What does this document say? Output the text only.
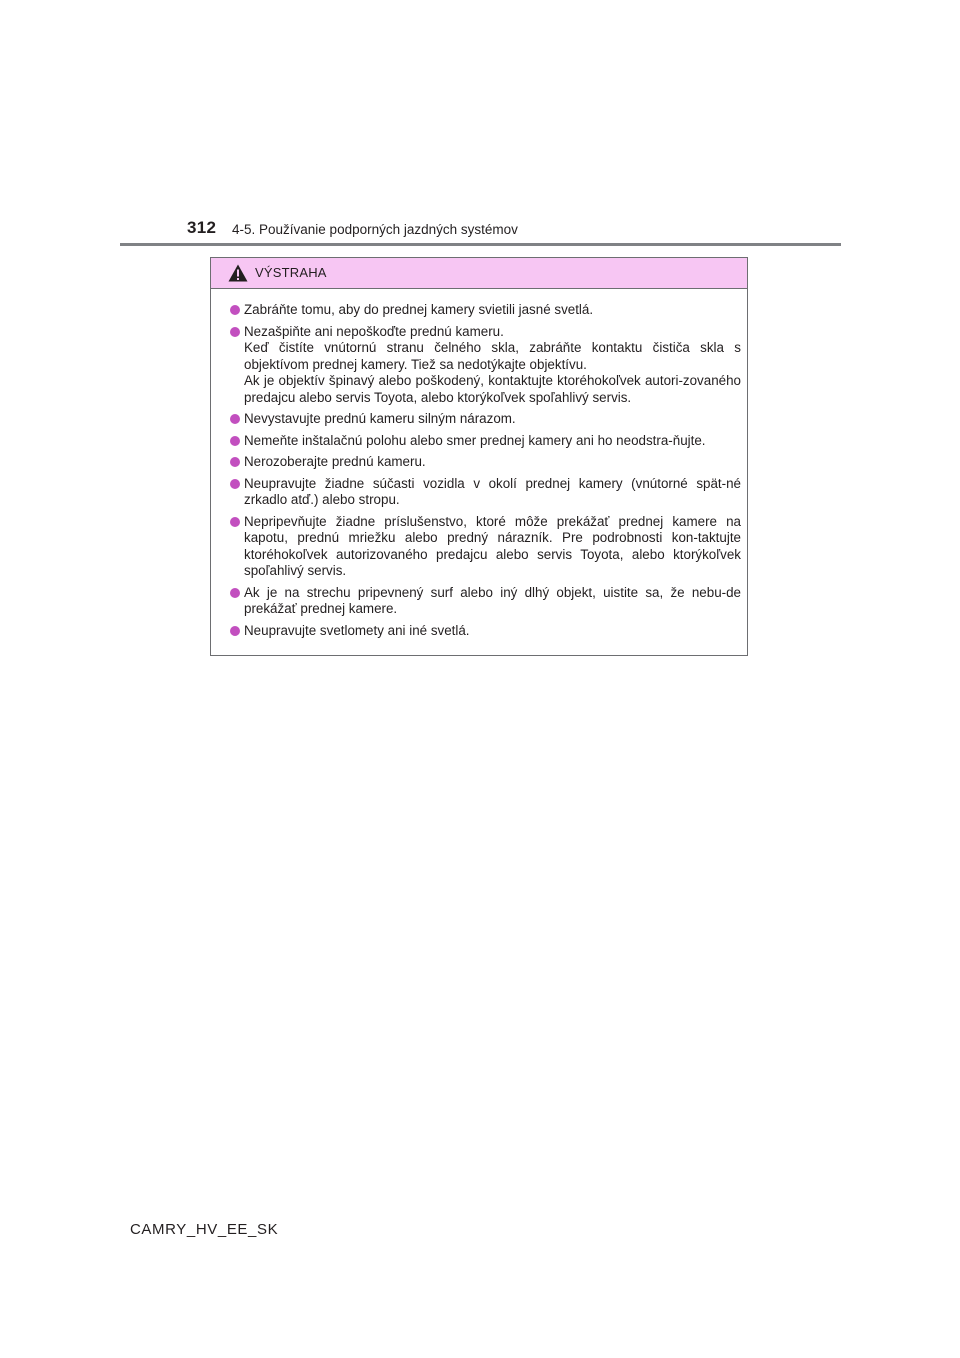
312 4-5. Používanie podporných jazdných systémov
VÝSTRAHA
Zabráňte tomu, aby do prednej kamery svietili jasné svetlá.
Nezašpiňte ani nepoškoďte prednú kameru.
Keď čistíte vnútornú stranu čelného skla, zabráňte kontaktu čističa skla s objektívom prednej kamery. Tiež sa nedotýkajte objektívu.
Ak je objektív špinavý alebo poškodený, kontaktujte ktoréhokoľvek autori-zovaného predajcu alebo servis Toyota, alebo ktorýkoľvek spoľahlivý servis.
Nevystavujte prednú kameru silným nárazom.
Nemeňte inštalačnú polohu alebo smer prednej kamery ani ho neodstra-ňujte.
Nerozoberajte prednú kameru.
Neupravujte žiadne súčasti vozidla v okolí prednej kamery (vnútorné spät-né zrkadlo atď.) alebo stropu.
Nepripevňujte žiadne príslušenstvo, ktoré môže prekážať prednej kamere na kapotu, prednú mriežku alebo predný nárazník. Pre podrobnosti kon-taktujte ktoréhokoľvek autorizovaného predajcu alebo servis Toyota, alebo ktorýkoľvek spoľahlivý servis.
Ak je na strechu pripevnený surf alebo iný dlhý objekt, uistite sa, že nebu-de prekážať prednej kamere.
Neupravujte svetlomety ani iné svetlá.
CAMRY_HV_EE_SK
